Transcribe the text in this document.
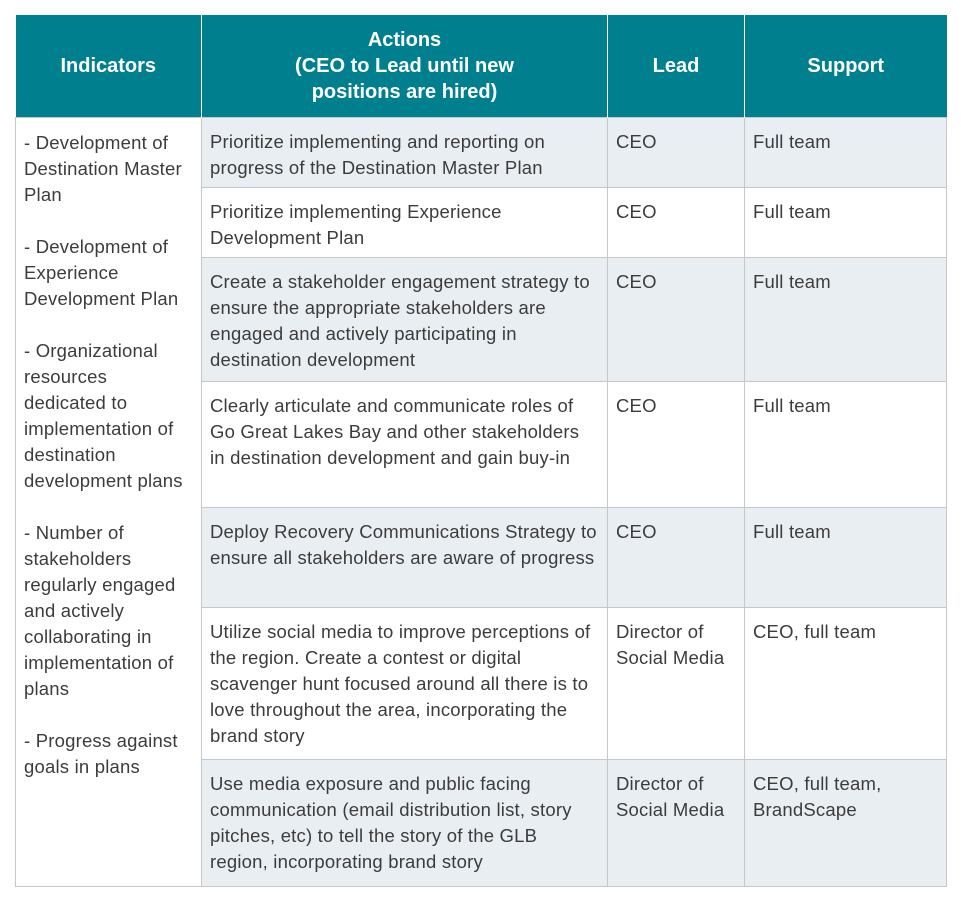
Indicators	Actions
(CEO to Lead until new
positions are hired)	Lead	Support

- Development of Destination Master Plan
- Development of Experience Development Plan
- Organizational resources dedicated to implementation of destination development plans
- Number of stakeholders regularly engaged and actively collaborating in implementation of plans
- Progress against goals in plans	Prioritize implementing and reporting on progress of the Destination Master Plan	CEO	Full team
	Prioritize implementing Experience Development Plan	CEO	Full team
	Create a stakeholder engagement strategy to ensure the appropriate stakeholders are engaged and actively participating in destination development	CEO	Full team
	Clearly articulate and communicate roles of Go Great Lakes Bay and other stakeholders in destination development and gain buy-in	CEO	Full team
	Deploy Recovery Communications Strategy to ensure all stakeholders are aware of progress	CEO	Full team
	Utilize social media to improve perceptions of the region. Create a contest or digital scavenger hunt focused around all there is to love throughout the area, incorporating the brand story	Director of Social Media	CEO, full team
	Use media exposure and public facing communication (email distribution list, story pitches, etc) to tell the story of the GLB region, incorporating brand story	Director of Social Media	CEO, full team, BrandScape
